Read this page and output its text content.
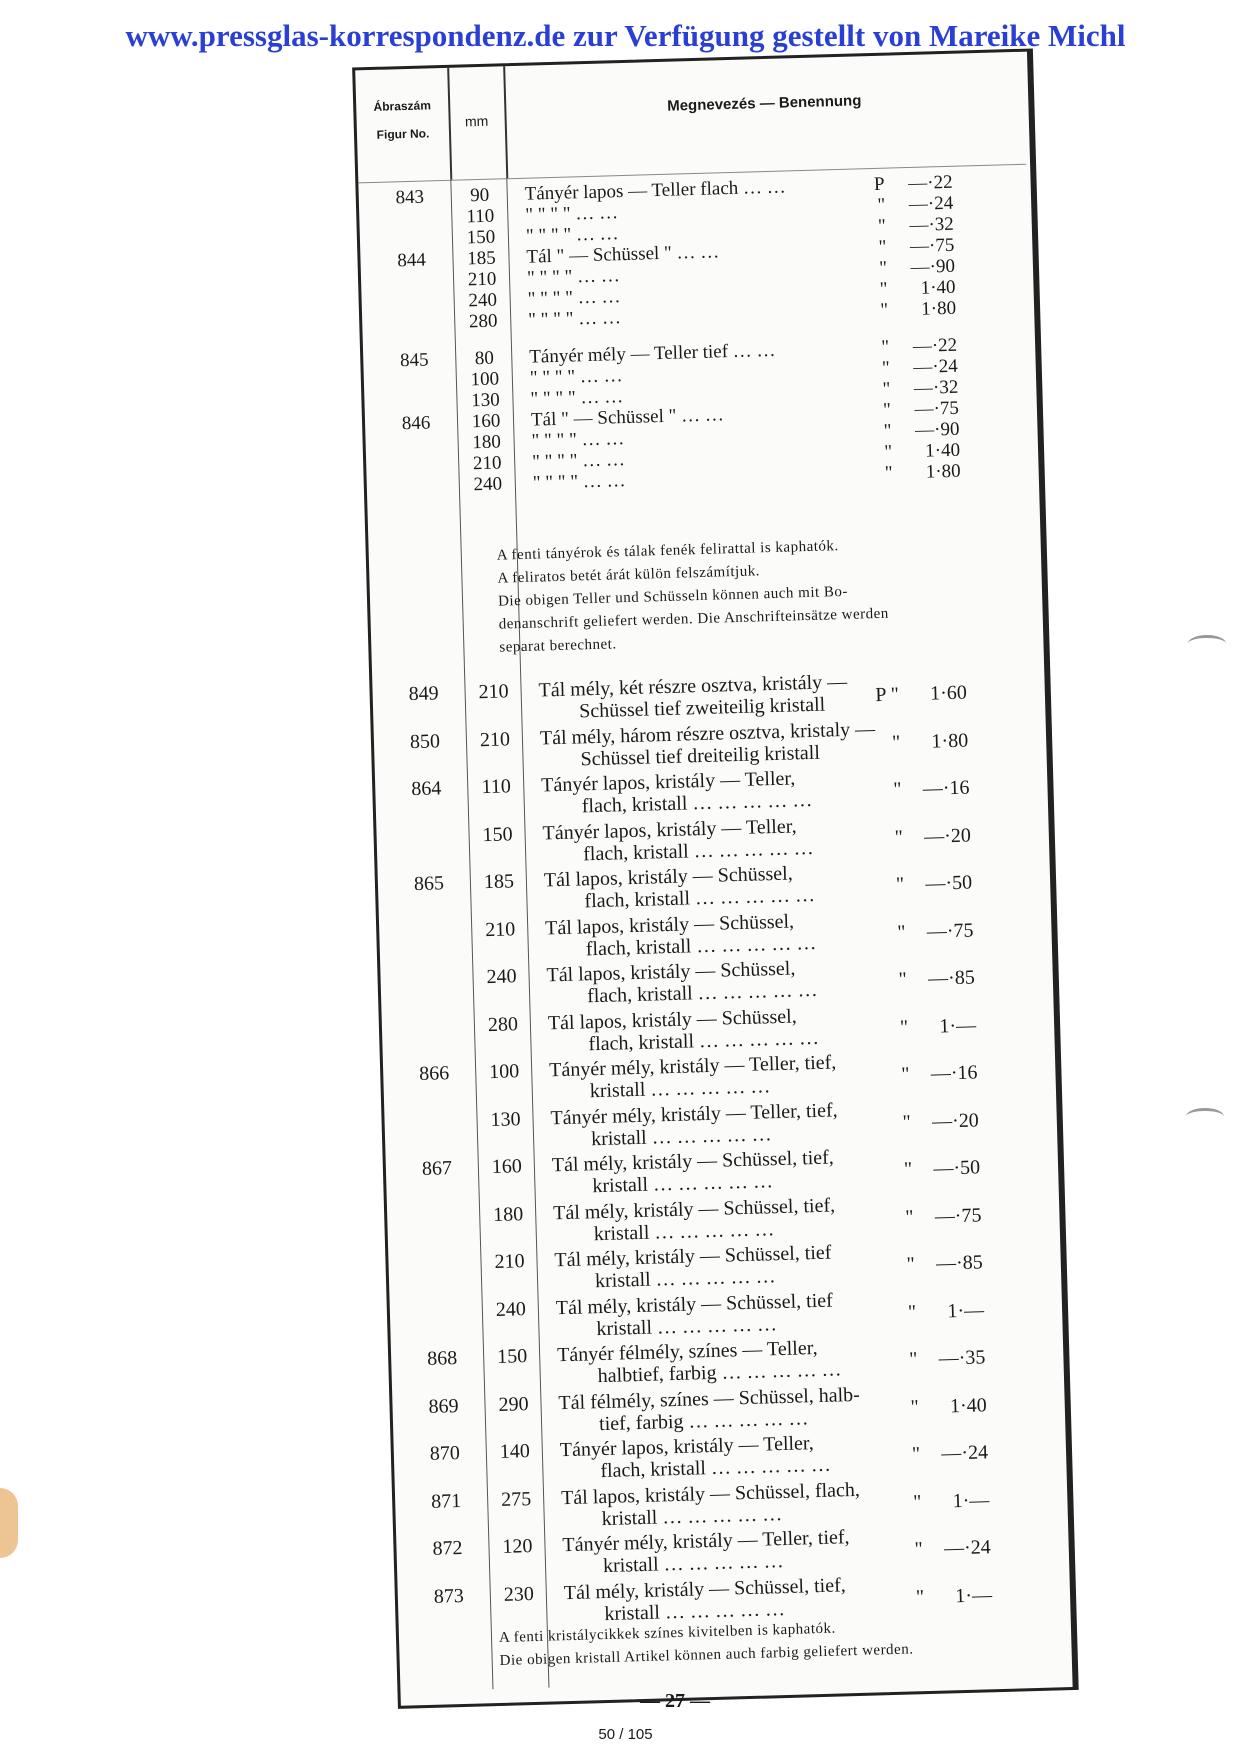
www.pressglas-korrespondenz.de zur Verfügung gestellt von Mareike Michl
Ábraszám
Figur No.
mm
Megnevezés — Benennung
843	90	Tányér lapos — Teller flach … …	P	—·22
110	" " " " … …	"	—·24
150	" " " " … …	"	—·32
844	185	Tál " — Schüssel " … …	"	—·75
210	" " " " … …	"	—·90
240	" " " " … …	"	1·40
280	" " " " … …	"	1·80
845	80	Tányér mély — Teller tief … …	"	—·22
100	" " " " … …	"	—·24
130	" " " " … …	"	—·32
846	160	Tál " — Schüssel " … …	"	—·75
180	" " " " … …	"	—·90
210	" " " " … …	"	1·40
240	" " " " … …	"	1·80

A fenti tányérok és tálak fenék felirattal is kaphatók.

A feliratos betét árát külön felszámítjuk.

Die obigen Teller und Schüsseln können auch mit Bo-

denanschrift geliefert werden. Die Anschrifteinsätze werden

separat berechnet.

849	210	Tál mély, két részre osztva, kristály —
Schüssel tief zweiteilig kristall P "	1·60
850	210	Tál mély, három részre osztva, kristaly —
Schüssel tief dreiteilig kristall	"	1·80
864	110	Tányér lapos, kristály — Teller,
flach, kristall … … … … …	"	—·16
150	Tányér lapos, kristály — Teller,
flach, kristall … … … … …	"	—·20
865	185	Tál lapos, kristály — Schüssel,
flach, kristall … … … … …	"	—·50
210	Tál lapos, kristály — Schüssel,
flach, kristall … … … … …	"	—·75
240	Tál lapos, kristály — Schüssel,
flach, kristall … … … … …	"	—·85
280	Tál lapos, kristály — Schüssel,
flach, kristall … … … … …	"	1·—
866	100	Tányér mély, kristály — Teller, tief,
kristall … … … … …
"	—·16
130	Tányér mély, kristály — Teller, tief,
kristall … … … … …
"	—·20
867	160	Tál mély, kristály — Schüssel, tief,
kristall … … … … …
"	—·50
180	Tál mély, kristály — Schüssel, tief,
kristall … … … … …
"	—·75
210	Tál mély, kristály — Schüssel, tief
kristall … … … … …
"	—·85
240	Tál mély, kristály — Schüssel, tief
kristall … … … … …
"	1·—
868	150	Tányér félmély, színes — Teller,
halbtief, farbig … … … … …	"	—·35
869	290	Tál félmély, színes — Schüssel, halb-
tief, farbig … … … … …	"	1·40
870	140	Tányér lapos, kristály — Teller,
flach, kristall … … … … …	"	—·24
871	275	Tál lapos, kristály — Schüssel, flach,
kristall … … … … …
"	1·—
872	120	Tányér mély, kristály — Teller, tief,
kristall … … … … …
"	—·24
873	230	Tál mély, kristály — Schüssel, tief,
kristall … … … … …
"	1·—

A fenti kristálycikkek színes kivitelben is kaphatók.

Die obigen kristall Artikel können auch farbig geliefert werden.

— 27 —
50 / 105
